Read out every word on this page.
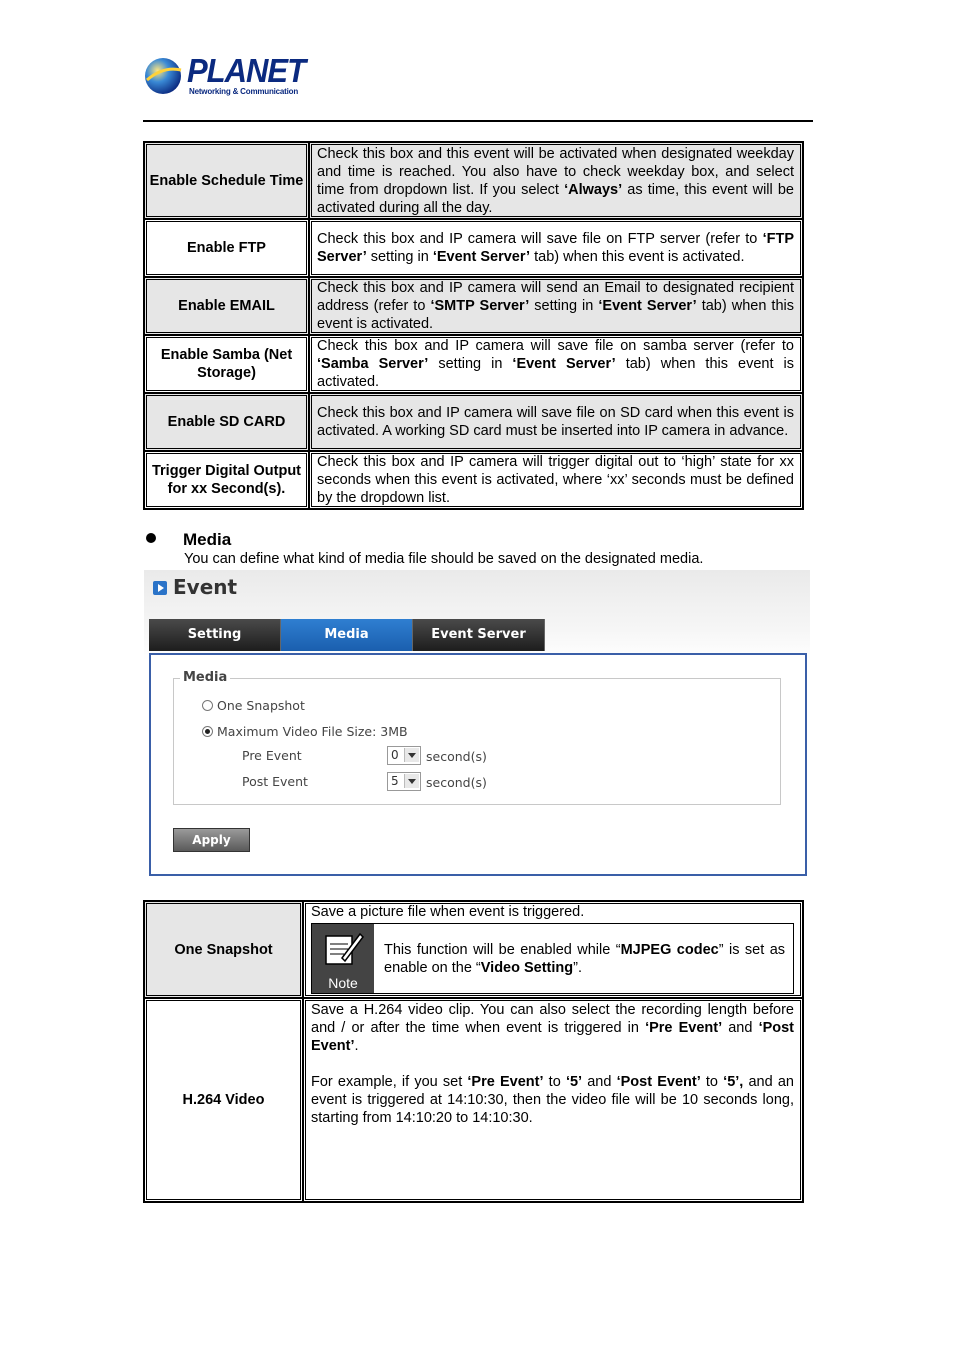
PLANET
Networking & Communication
Enable Schedule Time	Check this box and this event will be activated when designated weekday and time is reached. You also have to check weekday box, and select time from dropdown list. If you select ‘Always’ as time, this event will be activated during all the day.
Enable FTP	Check this box and IP camera will save file on FTP server (refer to ‘FTP Server’ setting in ‘Event Server’ tab) when this event is activated.
Enable EMAIL	Check this box and IP camera will send an Email to designated recipient address (refer to ‘SMTP Server’ setting in ‘Event Server’ tab) when this event is activated.
Enable Samba (Net Storage)	Check this box and IP camera will save file on samba server (refer to ‘Samba Server’ setting in ‘Event Server’ tab) when this event is activated.
Enable SD CARD	Check this box and IP camera will save file on SD card when this event is activated. A working SD card must be inserted into IP camera in advance.
Trigger Digital Output for xx Second(s).	Check this box and IP camera will trigger digital out to ‘high’ state for xx seconds when this event is activated, where ‘xx’ seconds must be defined by the dropdown list.
Media
You can define what kind of media file should be saved on the designated media.
Event
Setting	Media	Event Server
Media
One Snapshot
Maximum Video File Size: 3MB
Pre Event	0 second(s)
Post Event	5 second(s)
Apply
One Snapshot	Save a picture file when event is triggered.
Note
This function will be enabled while “MJPEG codec” is set as enable on the “Video Setting”.

H.264 Video	Save a H.264 video clip. You can also select the recording length before and / or after the time when event is triggered in ‘Pre Event’ and ‘Post Event’.
For example, if you set ‘Pre Event’ to ‘5’ and ‘Post Event’ to ‘5’, and an event is triggered at 14:10:30, then the video file will be 10 seconds long, starting from 14:10:20 to 14:10:30.
